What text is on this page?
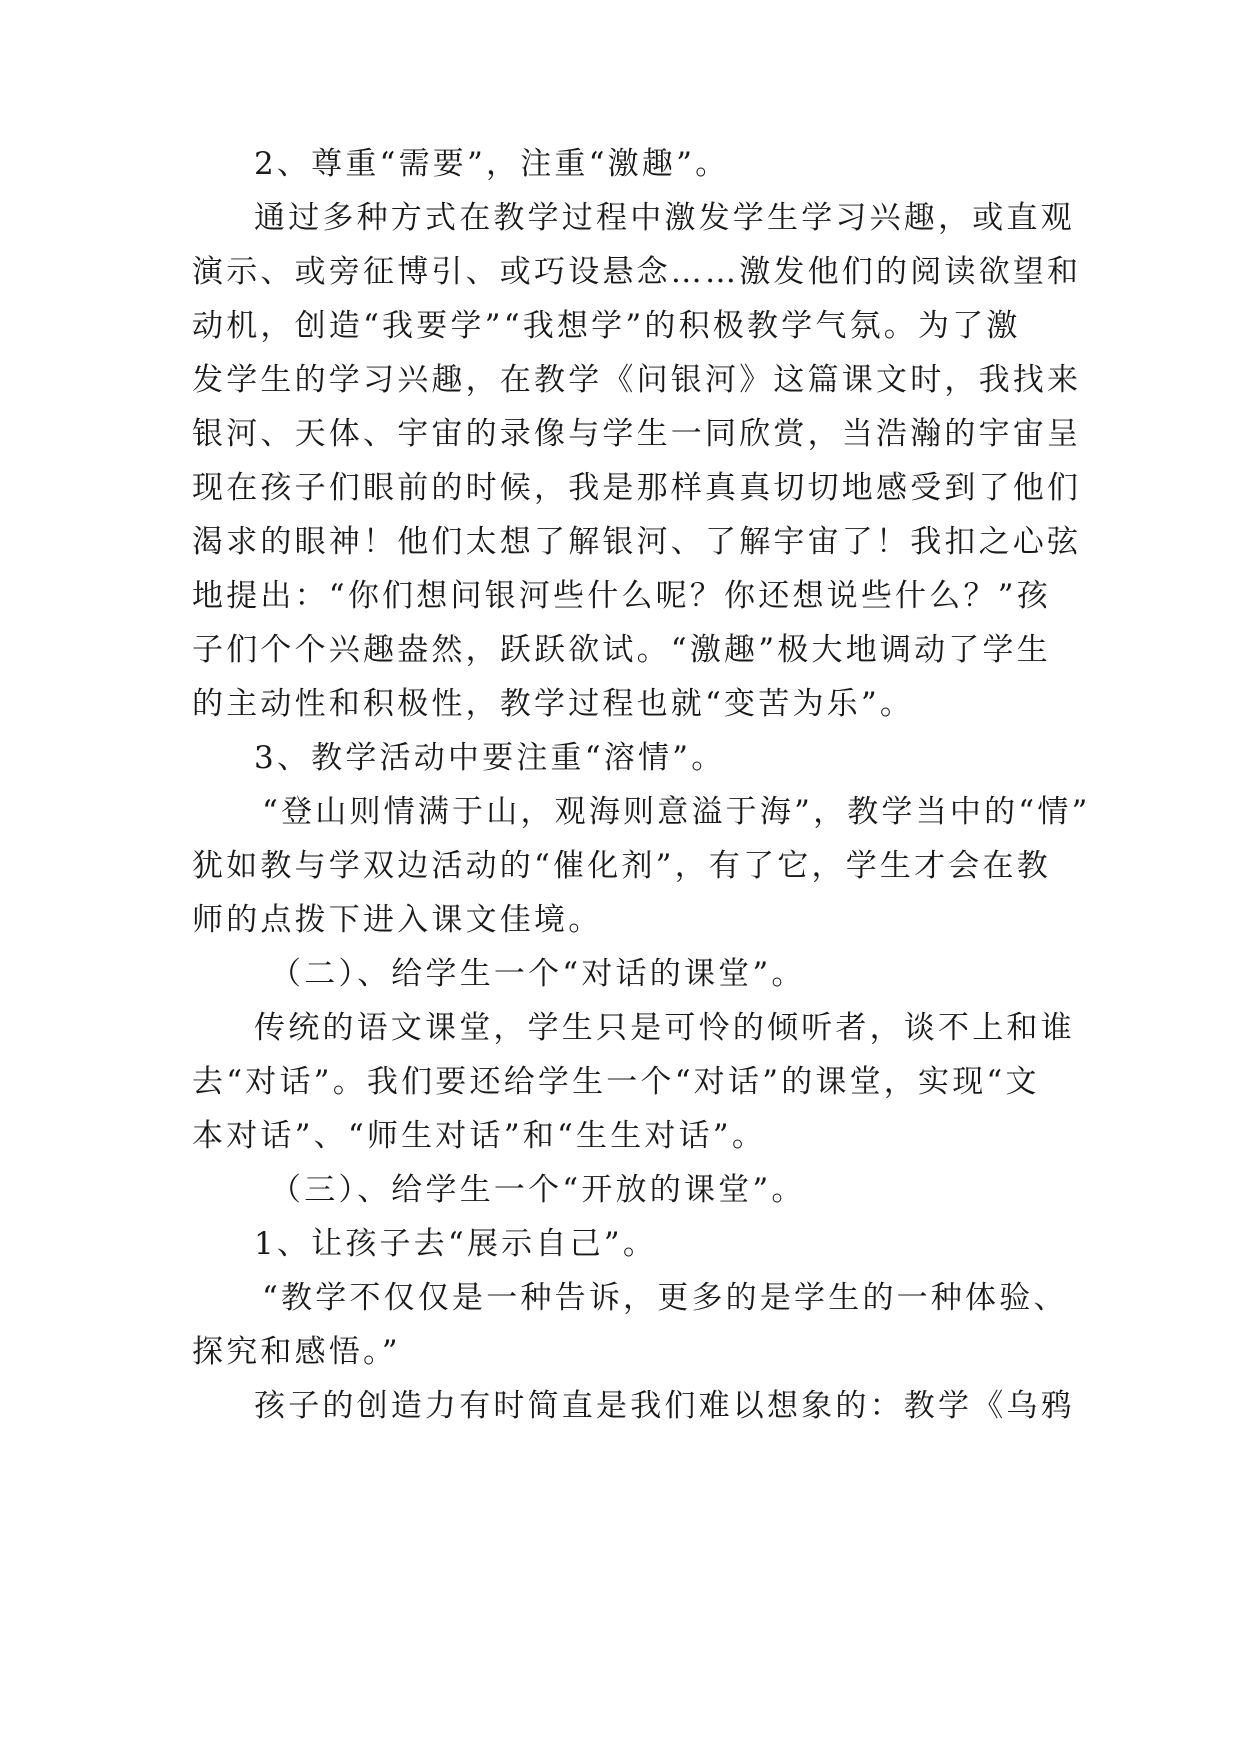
2、尊重“需要”，注重“激趣”。
通过多种方式在教学过程中激发学生学习兴趣，或直观
演示、或旁征博引、或巧设悬念……激发他们的阅读欲望和
动机，创造“我要学”“我想学”的积极教学气氛。为了激
发学生的学习兴趣，在教学《问银河》这篇课文时，我找来
银河、天体、宇宙的录像与学生一同欣赏，当浩瀚的宇宙呈
现在孩子们眼前的时候，我是那样真真切切地感受到了他们
渴求的眼神！他们太想了解银河、了解宇宙了！我扣之心弦
地提出：“你们想问银河些什么呢？你还想说些什么？”孩
子们个个兴趣盎然，跃跃欲试。“激趣”极大地调动了学生
的主动性和积极性，教学过程也就“变苦为乐”。
3、教学活动中要注重“溶情”。
“登山则情满于山，观海则意溢于海”，教学当中的“情”
犹如教与学双边活动的“催化剂”，有了它，学生才会在教
师的点拨下进入课文佳境。
（二）、给学生一个“对话的课堂”。
传统的语文课堂，学生只是可怜的倾听者，谈不上和谁
去“对话”。我们要还给学生一个“对话”的课堂，实现“文
本对话”、“师生对话”和“生生对话”。
（三）、给学生一个“开放的课堂”。
1、让孩子去“展示自己”。
“教学不仅仅是一种告诉，更多的是学生的一种体验、
探究和感悟。”
孩子的创造力有时简直是我们难以想象的：教学《乌鸦
